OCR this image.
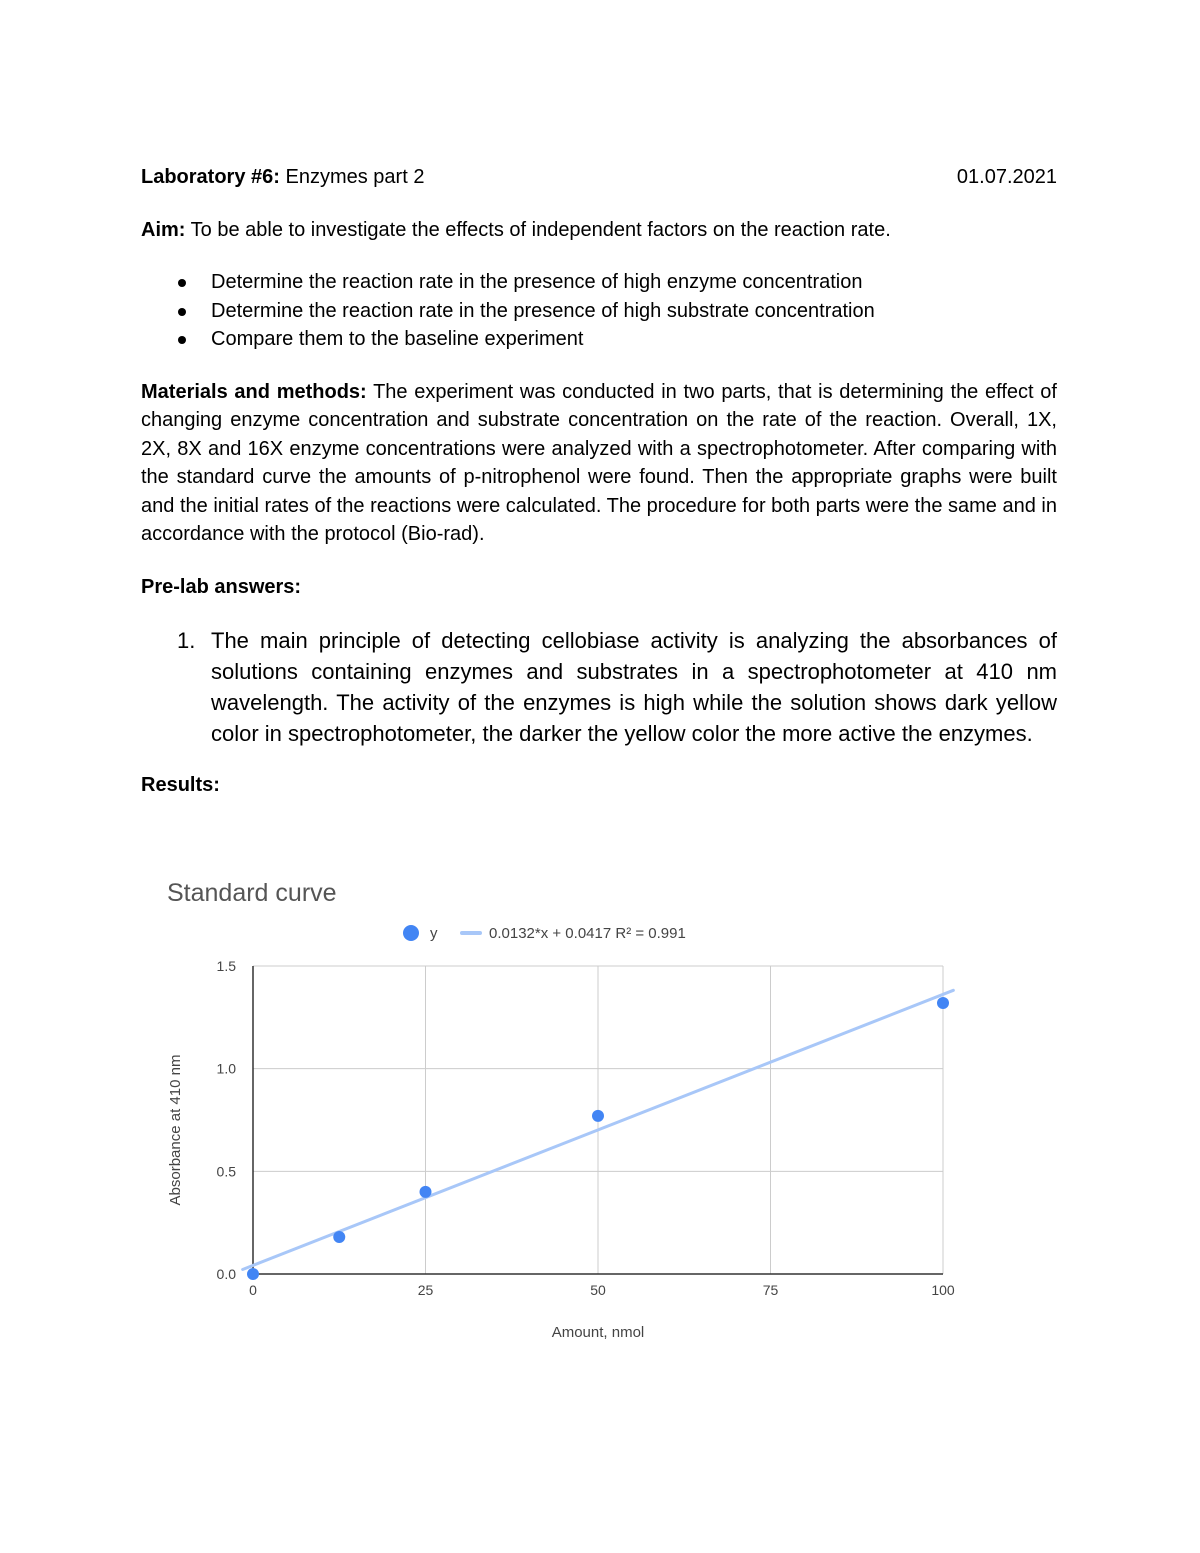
Laboratory #6: Enzymes part 2	01.07.2021

Aim: To be able to investigate the effects of independent factors on the reaction rate.

Determine the reaction rate in the presence of high enzyme concentration
Determine the reaction rate in the presence of high substrate concentration
Compare them to the baseline experiment

Materials and methods: The experiment was conducted in two parts, that is determining the effect of changing enzyme concentration and substrate concentration on the rate of the reaction. Overall, 1X, 2X, 8X and 16X enzyme concentrations were analyzed with a spectrophotometer. After comparing with the standard curve the amounts of p-nitrophenol were found. Then the appropriate graphs were built and the initial rates of the reactions were calculated. The procedure for both parts were the same and in accordance with the protocol (Bio-rad).

Pre-lab answers:

1. The main principle of detecting cellobiase activity is analyzing the absorbances of solutions containing enzymes and substrates in a spectrophotometer at 410 nm wavelength. The activity of the enzymes is high while the solution shows dark yellow color in spectrophotometer, the darker the yellow color the more active the enzymes.

Results:

Standard curve
y	0.0132*x + 0.0417 R² = 0.991
0.0
0.5
1.0
1.5
0	25	50	75	100
Amount, nmol
Absorbance at 410 nm
